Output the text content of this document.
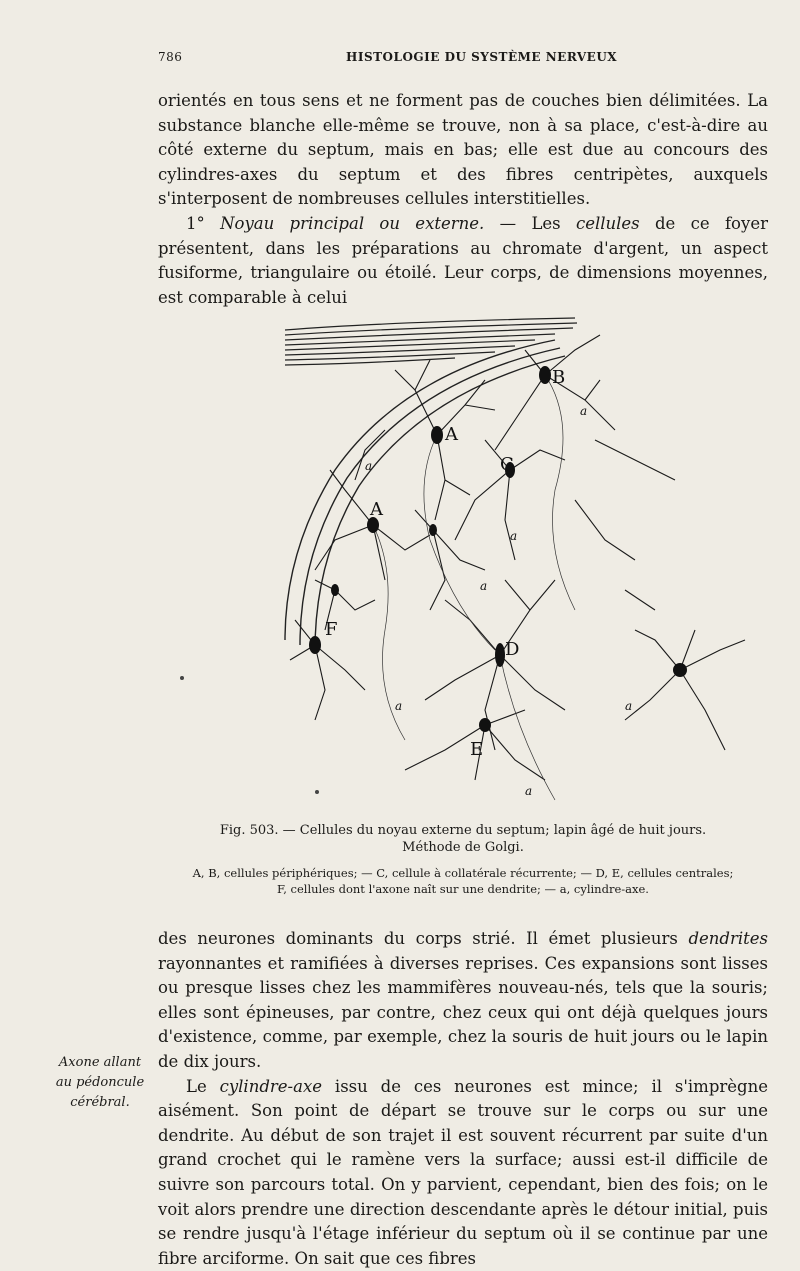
786	HISTOLOGIE DU SYSTÈME NERVEUX

orientés en tous sens et ne forment pas de couches bien délimitées. La substance blanche elle-même se trouve, non à sa place, c'est-à-dire au côté externe du septum, mais en bas; elle est due au concours des cylindres-axes du septum et des fibres centripètes, auxquels s'interposent de nombreuses cellules interstitielles.

1° Noyau principal ou externe. — Les cellules de ce foyer présentent, dans les préparations au chromate d'argent, un aspect fusiforme, triangulaire ou étoilé. Leur corps, de dimensions moyennes, est comparable à celui

A
A
B
C
D
E
F
a
a
a
a
a	a
a
Fig. 503. — Cellules du noyau externe du septum; lapin âgé de huit jours.
Méthode de Golgi.
A, B, cellules périphériques; — C, cellule à collatérale récurrente; — D, E, cellules centrales;
F, cellules dont l'axone naît sur une dendrite; — a, cylindre-axe.

des neurones dominants du corps strié. Il émet plusieurs dendrites rayonnantes et ramifiées à diverses reprises. Ces expansions sont lisses ou presque lisses chez les mammifères nouveau-nés, tels que la souris; elles sont épineuses, par contre, chez ceux qui ont déjà quelques jours d'existence, comme, par exemple, chez la souris de huit jours ou le lapin de dix jours.

Le cylindre-axe issu de ces neurones est mince; il s'imprègne aisément. Son point de départ se trouve sur le corps ou sur une dendrite. Au début de son trajet il est souvent récurrent par suite d'un grand crochet qui le ramène vers la surface; aussi est-il difficile de suivre son parcours total. On y parvient, cependant, bien des fois; on le voit alors prendre une direction descendante après le détour initial, puis se rendre jusqu'à l'étage inférieur du septum où il se continue par une fibre arciforme. On sait que ces fibres

Axone allant au pédoncule cérébral.
